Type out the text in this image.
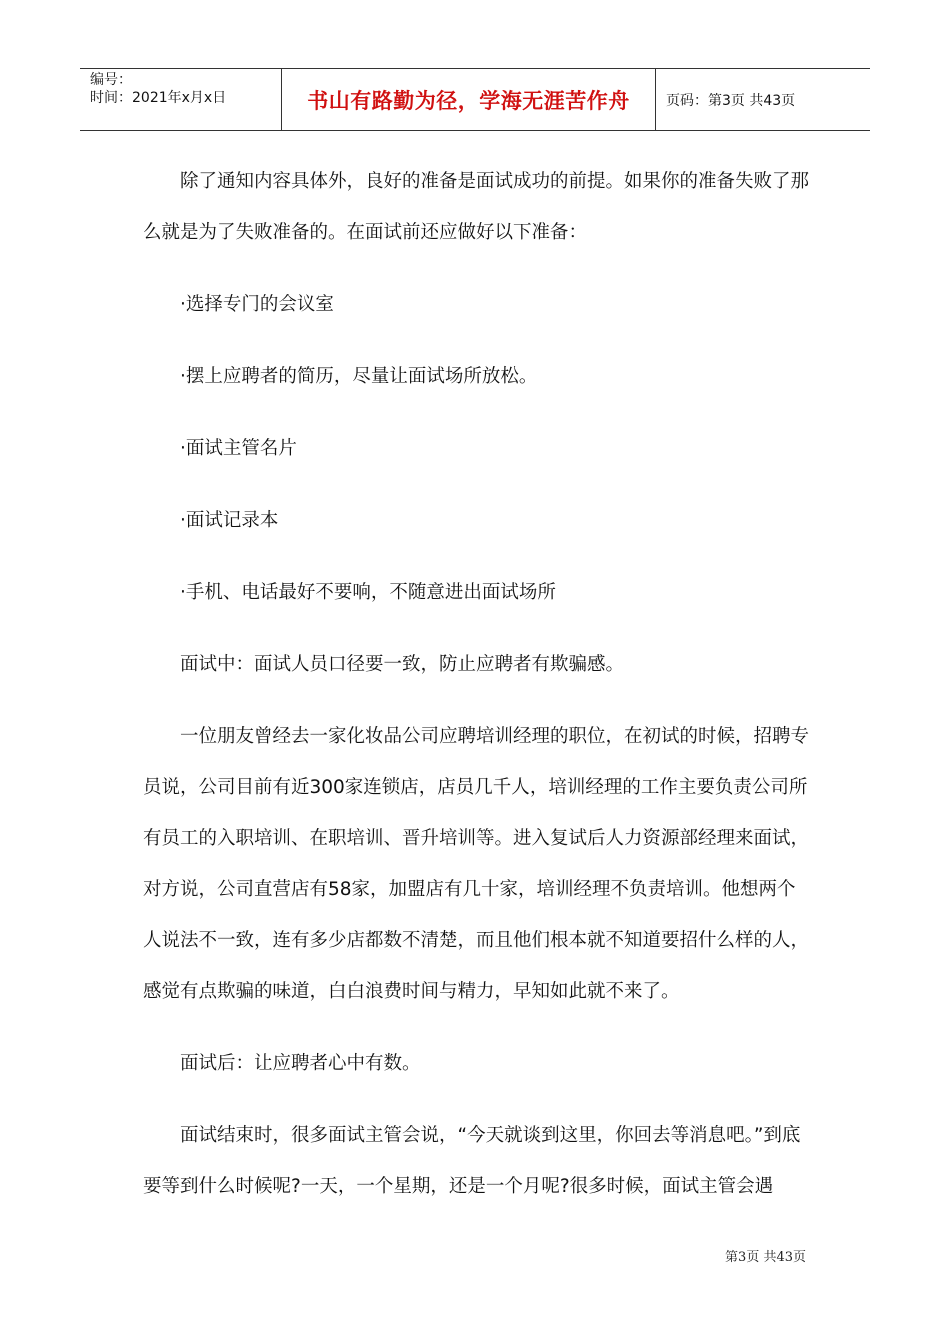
编号：
时间：2021年x月x日	书山有路勤为径，学海无涯苦作舟	页码：第3页 共43页

除了通知内容具体外，良好的准备是面试成功的前提。如果你的准备失败了那么就是为了失败准备的。在面试前还应做好以下准备：

·选择专门的会议室

·摆上应聘者的简历，尽量让面试场所放松。

·面试主管名片

·面试记录本

·手机、电话最好不要响，不随意进出面试场所

面试中：面试人员口径要一致，防止应聘者有欺骗感。

一位朋友曾经去一家化妆品公司应聘培训经理的职位，在初试的时候，招聘专员说，公司目前有近300家连锁店，店员几千人，培训经理的工作主要负责公司所有员工的入职培训、在职培训、晋升培训等。进入复试后人力资源部经理来面试，对方说，公司直营店有58家，加盟店有几十家，培训经理不负责培训。他想两个人说法不一致，连有多少店都数不清楚，而且他们根本就不知道要招什么样的人，感觉有点欺骗的味道，白白浪费时间与精力，早知如此就不来了。

面试后：让应聘者心中有数。

面试结束时，很多面试主管会说，“今天就谈到这里，你回去等消息吧。”到底要等到什么时候呢?一天，一个星期，还是一个月呢?很多时候，面试主管会遇

第3页 共43页
